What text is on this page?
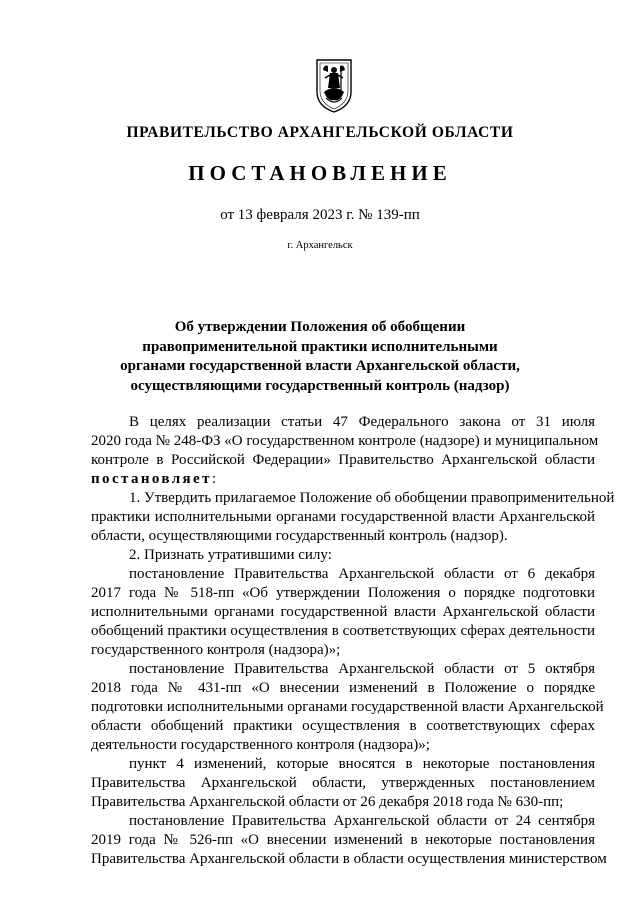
ПРАВИТЕЛЬСТВО АРХАНГЕЛЬСКОЙ ОБЛАСТИ
ПОСТАНОВЛЕНИЕ
от 13 февраля 2023 г. № 139-пп
г. Архангельск
Об утверждении Положения об обобщении
правоприменительной практики исполнительными
органами государственной власти Архангельской области,
осуществляющими государственный контроль (надзор)

В целях реализации статьи 47 Федерального закона от 31 июля
2020 года № 248-ФЗ «О государственном контроле (надзоре) и муниципальном
контроле в Российской Федерации» Правительство Архангельской области
постановляет:

1. Утвердить прилагаемое Положение об обобщении правоприменительной
практики исполнительными органами государственной власти Архангельской
области, осуществляющими государственный контроль (надзор).

2. Признать утратившими силу:

постановление Правительства Архангельской области от 6 декабря
2017 года № 518-пп «Об утверждении Положения о порядке подготовки
исполнительными органами государственной власти Архангельской области
обобщений практики осуществления в соответствующих сферах деятельности
государственного контроля (надзора)»;

постановление Правительства Архангельской области от 5 октября
2018 года № 431-пп «О внесении изменений в Положение о порядке
подготовки исполнительными органами государственной власти Архангельской
области обобщений практики осуществления в соответствующих сферах
деятельности государственного контроля (надзора)»;

пункт 4 изменений, которые вносятся в некоторые постановления
Правительства Архангельской области, утвержденных постановлением
Правительства Архангельской области от 26 декабря 2018 года № 630-пп;

постановление Правительства Архангельской области от 24 сентября
2019 года № 526-пп «О внесении изменений в некоторые постановления
Правительства Архангельской области в области осуществления министерством
